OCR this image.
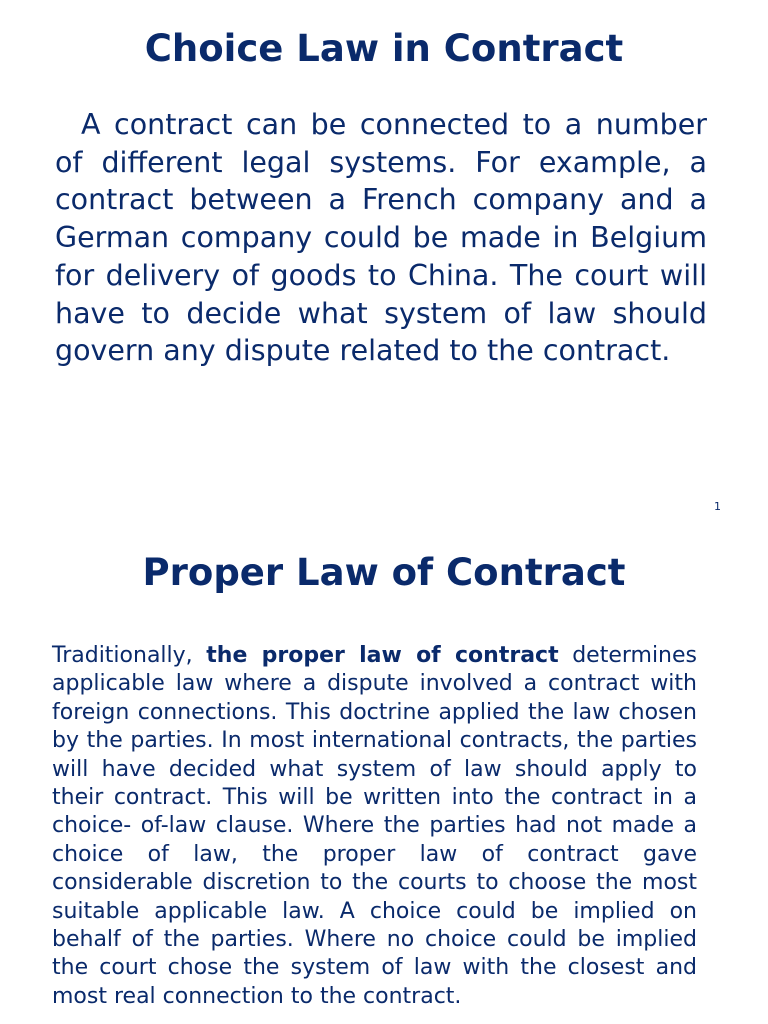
Choice Law in Contract

A contract can be connected to a number of different legal systems. For example, a contract between a French company and a German company could be made in Belgium for delivery of goods to China. The court will have to decide what system of law should govern any dispute related to the contract.

1
Proper Law of Contract

Traditionally, the proper law of contract determines applicable law where a dispute involved a contract with foreign connections. This doctrine applied the law chosen by the parties. In most international contracts, the parties will have decided what system of law should apply to their contract. This will be written into the contract in a choice- of-law clause. Where the parties had not made a choice of law, the proper law of contract gave considerable discretion to the courts to choose the most suitable applicable law. A choice could be implied on behalf of the parties. Where no choice could be implied the court chose the system of law with the closest and most real connection to the contract.
